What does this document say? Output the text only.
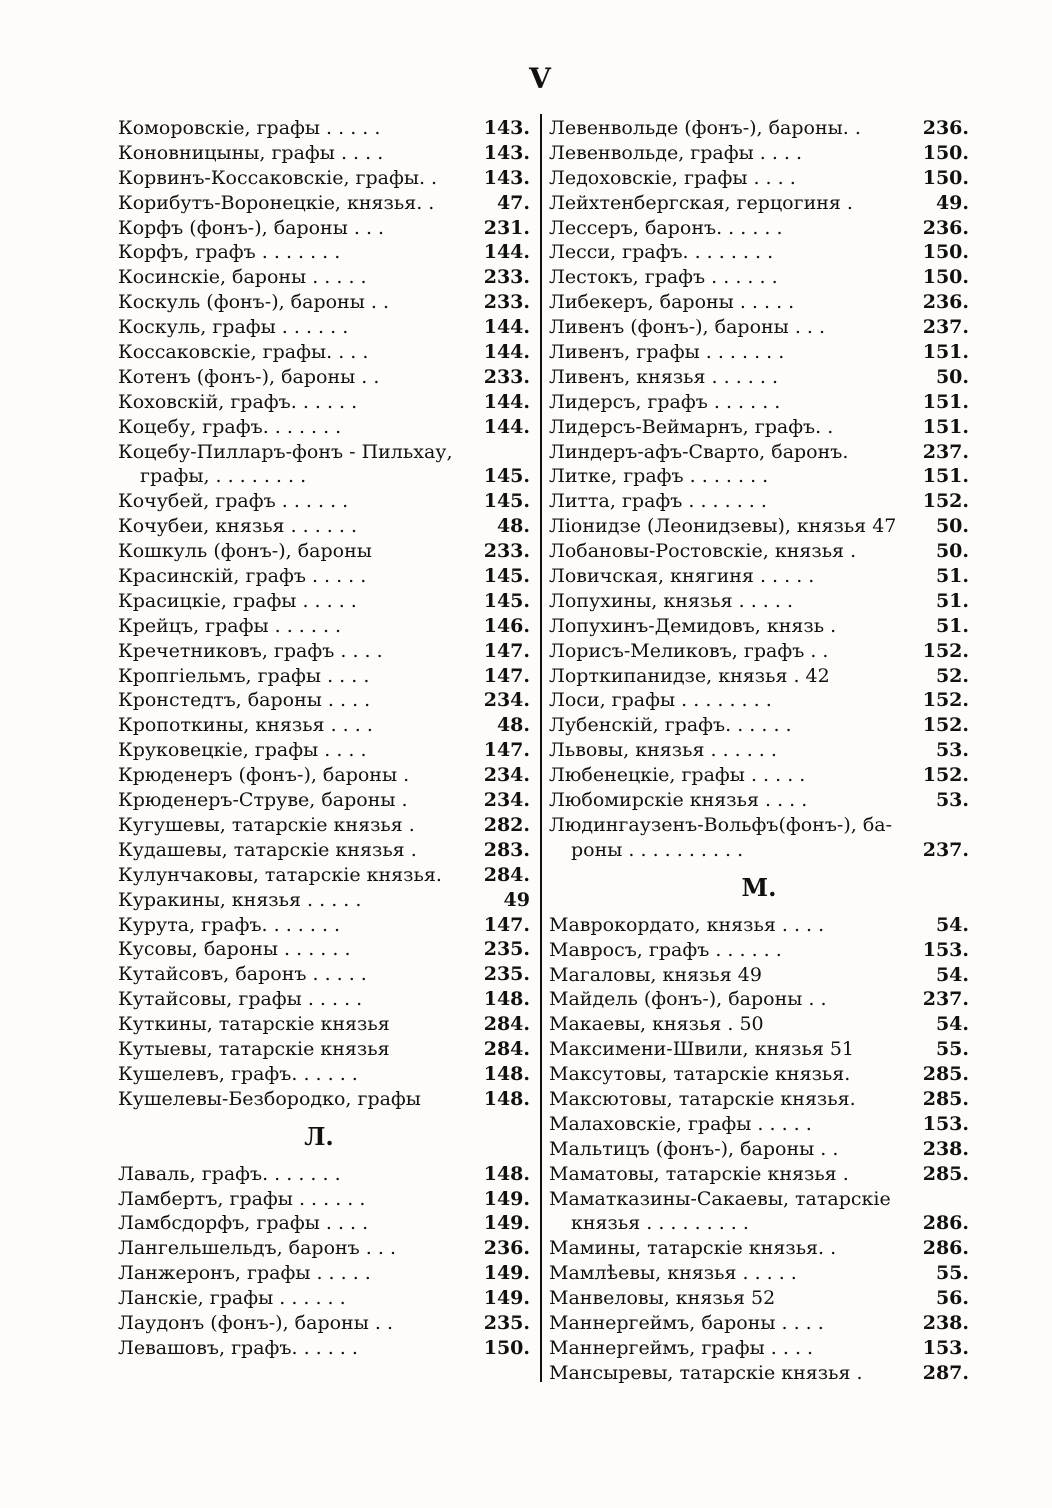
V
Коморовскіе, графы . . . . .	143.
Коновницыны, графы . . . .	143.
Корвинъ-Коссаковскіе, графы. . 143.
Корибутъ-Воронецкіе, князья. .	47.
Корфъ (фонъ-), бароны . . .	231.
Корфъ, графъ . . . . . . .	144.
Косинскіе, бароны . . . . .	233.
Коскуль (фонъ-), бароны . .	233.
Коскуль, графы . . . . . .	144.
Коссаковскіе, графы. . . .	144.
Котенъ (фонъ-), бароны . .	233.
Коховскій, графъ. . . . . .	144.
Коцебу, графъ. . . . . . .	144.
Коцебу-Пилларъ-фонъ - Пильхау,
графы, . . . . . . . .	145.
Кочубей, графъ . . . . . .	145.
Кочубеи, князья . . . . . .	48.
Кошкуль (фонъ-), бароны	233.
Красинскій, графъ . . . . .	145.
Красицкіе, графы . . . . .	145.
Крейцъ, графы . . . . . .	146.
Кречетниковъ, графъ . . . .	147.
Кропгіельмъ, графы . . . .	147.
Кронстедтъ, бароны . . . .	234.
Кропоткины, князья . . . .	48.
Круковецкіе, графы . . . .	147.
Крюденеръ (фонъ-), бароны .	234.
Крюденеръ-Струве, бароны .	234.
Кугушевы, татарскіе князья .	282.
Кудашевы, татарскіе князья .	283.
Кулунчаковы, татарскіе князья. 284.
Куракины, князья . . . . .	49
Курута, графъ. . . . . . .	147.
Кусовы, бароны . . . . . .	235.
Кутайсовъ, баронъ . . . . .	235.
Кутайсовы, графы . . . . .	148.
Куткины, татарскіе князья	284.
Кутыевы, татарскіе князья	284.
Кушелевъ, графъ. . . . . .	148.
Кушелевы-Безбородко, графы	148.
Л.
Лаваль, графъ. . . . . . .	148.
Ламбертъ, графы . . . . . .	149.
Ламбсдорфъ, графы . . . .	149.
Лангельшельдъ, баронъ . . .	236.
Ланжеронъ, графы . . . . .	149.
Ланскіе, графы . . . . . .	149.
Лаудонъ (фонъ-), бароны . .	235.
Левашовъ, графъ. . . . . .	150.
Левенвольде (фонъ-), бароны. .	236.
Левенвольде, графы . . . .	150.
Ледоховскіе, графы . . . .	150.
Лейхтенбергская, герцогиня .	49.
Лессеръ, баронъ. . . . . .	236.
Лесси, графъ. . . . . . . .	150.
Лестокъ, графъ . . . . . .	150.
Либекеръ, бароны . . . . .	236.
Ливенъ (фонъ-), бароны . . .	237.
Ливенъ, графы . . . . . . .	151.
Ливенъ, князья . . . . . .	50.
Лидерсъ, графъ . . . . . .	151.
Лидерсъ-Веймарнъ, графъ. .	151.
Линдеръ-афъ-Сварто, баронъ.	237.
Литке, графъ . . . . . . .	151.
Литта, графъ . . . . . . .	152.
Ліонидзе (Леонидзевы), князья 47 50.
Лобановы-Ростовскіе, князья .	50.
Ловичская, княгиня . . . . .	51.
Лопухины, князья . . . . .	51.
Лопухинъ-Демидовъ, князь .	51.
Лорисъ-Меликовъ, графъ . .	152.
Лорткипанидзе, князья . 42	52.
Лоси, графы . . . . . . . .	152.
Лубенскій, графъ. . . . . .	152.
Львовы, князья . . . . . .	53.
Любенецкіе, графы . . . . .	152.
Любомирскіе князья . . . .	53.
Людингаузенъ-Вольфъ(фонъ-), ба-
роны . . . . . . . . . .	237.
М.
Маврокордато, князья . . . .	54.
Мавросъ, графъ . . . . . .	153.
Магаловы, князья 49	54.
Майдель (фонъ-), бароны . .	237.
Макаевы, князья . 50	54.
Максимени-Швили, князья 51	55.
Максутовы, татарскіе князья.	285.
Максютовы, татарскіе князья.	285.
Малаховскіе, графы . . . . .	153.
Мальтицъ (фонъ-), бароны . .	238.
Маматовы, татарскіе князья .	285.
Маматказины-Сакаевы, татарскіе
князья . . . . . . . . .	286.
Мамины, татарскіе князья. .	286.
Мамлѣевы, князья . . . . .	55.
Манвеловы, князья 52	56.
Маннергеймъ, бароны . . . .	238.
Маннергеймъ, графы . . . .	153.
Мансыревы, татарскіе князья .	287.
